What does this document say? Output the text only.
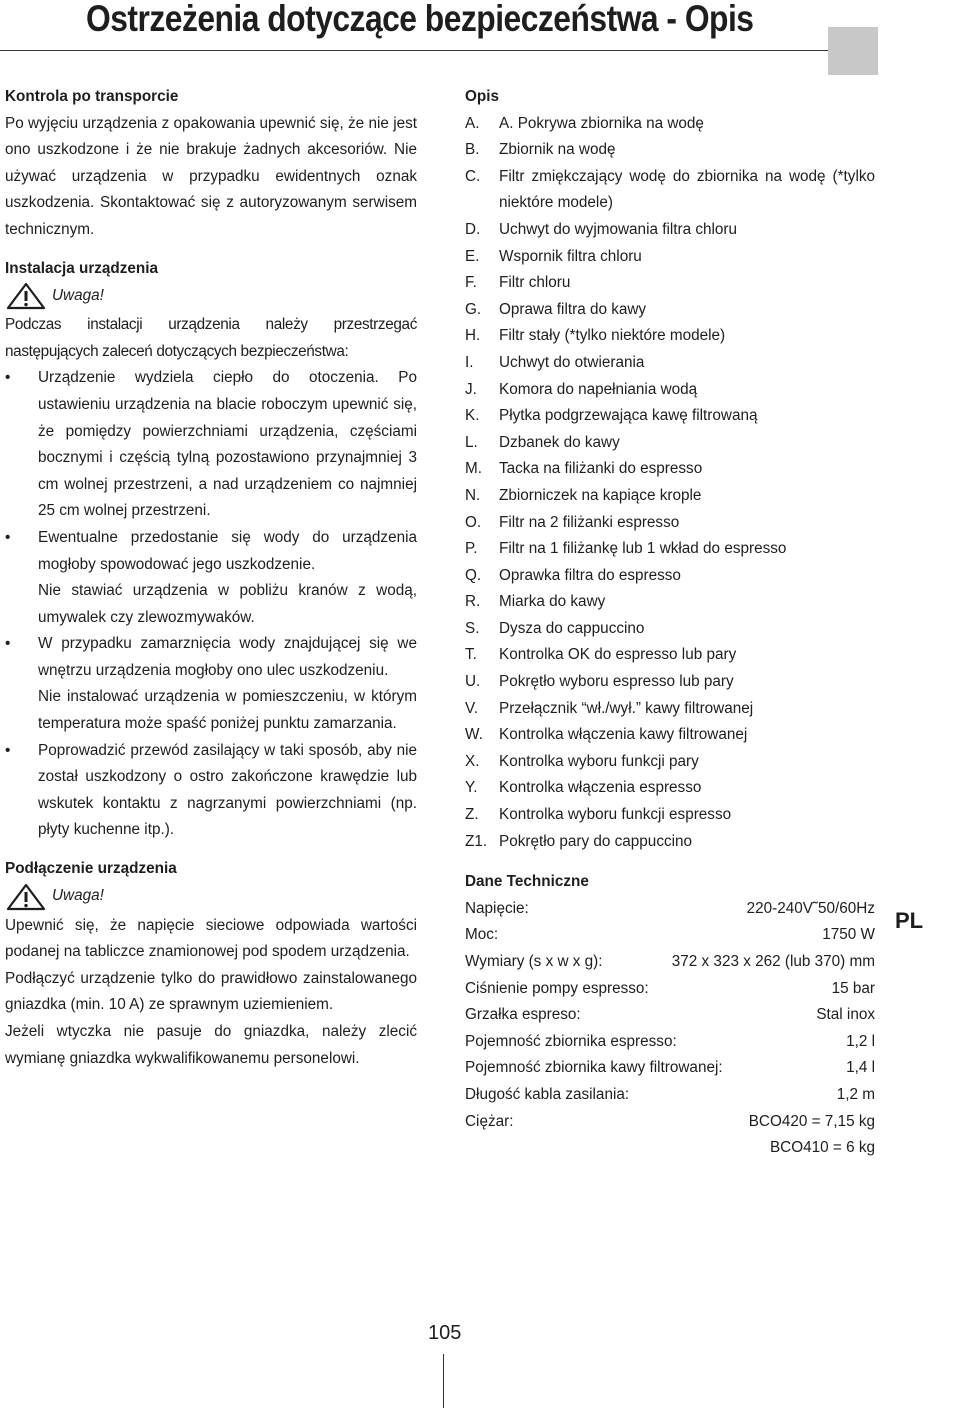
Ostrzeżenia dotyczące bezpieczeństwa - Opis
Kontrola po transporcie

Po wyjęciu urządzenia z opakowania upewnić się, że nie jest ono uszkodzone i że nie brakuje żadnych akcesoriów. Nie używać urządzenia w przypadku ewidentnych oznak uszkodzenia. Skontaktować się z autoryzowanym serwisem technicznym.

Instalacja urządzenia
Uwaga!

Podczas instalacji urządzenia należy przestrzegać następujących zaleceń dotyczących bezpieczeństwa:

• Urządzenie wydziela ciepło do otoczenia. Po ustawieniu urządzenia na blacie roboczym upewnić się, że pomiędzy powierzchniami urządzenia, częściami bocznymi i częścią tylną pozostawiono przynajmniej 3 cm wolnej przestrzeni, a nad urządzeniem co najmniej 25 cm wolnej przestrzeni.
• Ewentualne przedostanie się wody do urządzenia mogłoby spowodować jego uszkodzenie.
Nie stawiać urządzenia w pobliżu kranów z wodą, umywalek czy zlewozmywaków.
• W przypadku zamarznięcia wody znajdującej się we wnętrzu urządzenia mogłoby ono ulec uszkodzeniu.
Nie instalować urządzenia w pomieszczeniu, w którym temperatura może spaść poniżej punktu zamarzania.
• Poprowadzić przewód zasilający w taki sposób, aby nie został uszkodzony o ostro zakończone krawędzie lub wskutek kontaktu z nagrzanymi powierzchniami (np. płyty kuchenne itp.).
Podłączenie urządzenia
Uwaga!

Upewnić się, że napięcie sieciowe odpowiada wartości podanej na tabliczce znamionowej pod spodem urządzenia.

Podłączyć urządzenie tylko do prawidłowo zainstalowanego gniazdka (min. 10 A) ze sprawnym uziemieniem.

Jeżeli wtyczka nie pasuje do gniazdka, należy zlecić wymianę gniazdka wykwalifikowanemu personelowi.

Opis
A.	A. Pokrywa zbiornika na wodę
B.	Zbiornik na wodę
C.	Filtr zmiękczający wodę do zbiornika na wodę (*tylko niektóre modele)
D.	Uchwyt do wyjmowania filtra chloru
E.	Wspornik filtra chloru
F.	Filtr chloru
G.	Oprawa filtra do kawy
H.	Filtr stały (*tylko niektóre modele)
I.	Uchwyt do otwierania
J.	Komora do napełniania wodą
K.	Płytka podgrzewająca kawę filtrowaną
L.	Dzbanek do kawy
M.	Tacka na filiżanki do espresso
N.	Zbiorniczek na kapiące krople
O.	Filtr na 2 filiżanki espresso
P.	Filtr na 1 filiżankę lub 1 wkład do espresso
Q.	Oprawka filtra do espresso
R.	Miarka do kawy
S.	Dysza do cappuccino
T.	Kontrolka OK do espresso lub pary
U.	Pokrętło wyboru espresso lub pary
V.	Przełącznik “wł./wył.” kawy filtrowanej
W.	Kontrolka włączenia kawy filtrowanej
X.	Kontrolka wyboru funkcji pary
Y.	Kontrolka włączenia espresso
Z.	Kontrolka wyboru funkcji espresso
Z1. Pokrętło pary do cappuccino
Dane Techniczne
Napięcie:	220-240V˜50/60Hz
Moc:	1750 W
Wymiary (s x w x g):	372 x 323 x 262 (lub 370) mm
Ciśnienie pompy espresso:	15 bar
Grzałka espreso:	Stal inox
Pojemność zbiornika espresso:	1,2 l
Pojemność zbiornika kawy filtrowanej:	1,4 l
Długość kabla zasilania:	1,2 m
Ciężar:	BCO420 = 7,15 kg
BCO410 = 6 kg
PL
105
